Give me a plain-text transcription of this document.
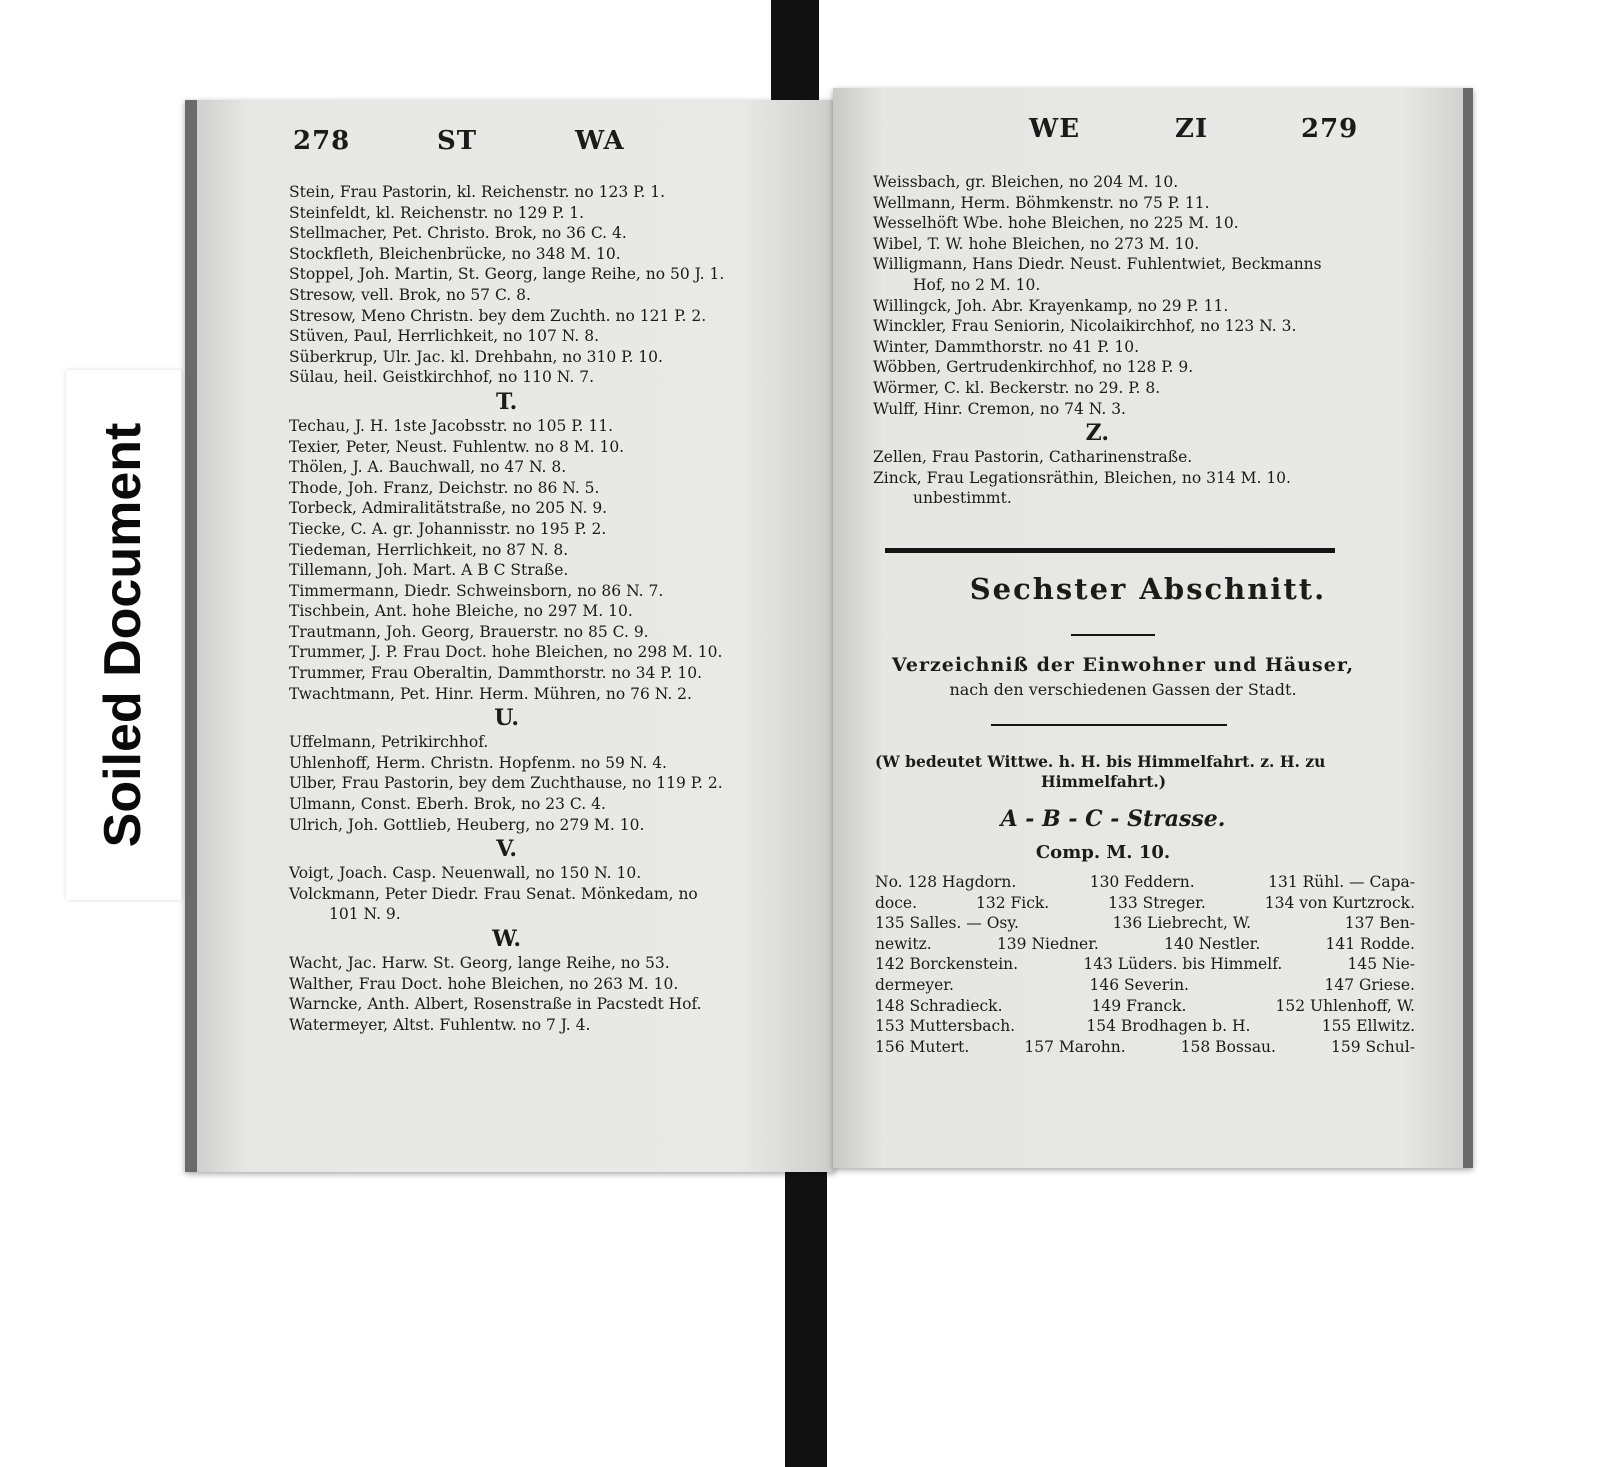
278	ST	WA
Stein, Frau Pastorin, kl. Reichenstr. no 123 P. 1.
Steinfeldt, kl. Reichenstr. no 129 P. 1.
Stellmacher, Pet. Christo. Brok, no 36 C. 4.
Stockfleth, Bleichenbrücke, no 348 M. 10.
Stoppel, Joh. Martin, St. Georg, lange Reihe, no 50 J. 1.
Stresow, vell. Brok, no 57 C. 8.
Stresow, Meno Christn. bey dem Zuchth. no 121 P. 2.
Stüven, Paul, Herrlichkeit, no 107 N. 8.
Süberkrup, Ulr. Jac. kl. Drehbahn, no 310 P. 10.
Sülau, heil. Geistkirchhof, no 110 N. 7.
T.
Techau, J. H. 1ste Jacobsstr. no 105 P. 11.
Texier, Peter, Neust. Fuhlentw. no 8 M. 10.
Thölen, J. A. Bauchwall, no 47 N. 8.
Thode, Joh. Franz, Deichstr. no 86 N. 5.
Torbeck, Admiralitätstraße, no 205 N. 9.
Tiecke, C. A. gr. Johannisstr. no 195 P. 2.
Tiedeman, Herrlichkeit, no 87 N. 8.
Tillemann, Joh. Mart. A B C Straße.
Timmermann, Diedr. Schweinsborn, no 86 N. 7.
Tischbein, Ant. hohe Bleiche, no 297 M. 10.
Trautmann, Joh. Georg, Brauerstr. no 85 C. 9.
Trummer, J. P. Frau Doct. hohe Bleichen, no 298 M. 10.
Trummer, Frau Oberaltin, Dammthorstr. no 34 P. 10.
Twachtmann, Pet. Hinr. Herm. Mühren, no 76 N. 2.
U.
Uffelmann, Petrikirchhof.
Uhlenhoff, Herm. Christn. Hopfenm. no 59 N. 4.
Ulber, Frau Pastorin, bey dem Zuchthause, no 119 P. 2.
Ulmann, Const. Eberh. Brok, no 23 C. 4.
Ulrich, Joh. Gottlieb, Heuberg, no 279 M. 10.
V.
Voigt, Joach. Casp. Neuenwall, no 150 N. 10.
Volckmann, Peter Diedr. Frau Senat. Mönkedam, no
101 N. 9.
W.
Wacht, Jac. Harw. St. Georg, lange Reihe, no 53.
Walther, Frau Doct. hohe Bleichen, no 263 M. 10.
Warncke, Anth. Albert, Rosenstraße in Pacstedt Hof.
Watermeyer, Altst. Fuhlentw. no 7 J. 4.
WE	ZI	279
Weissbach, gr. Bleichen, no 204 M. 10.
Wellmann, Herm. Böhmkenstr. no 75 P. 11.
Wesselhöft Wbe. hohe Bleichen, no 225 M. 10.
Wibel, T. W. hohe Bleichen, no 273 M. 10.
Willigmann, Hans Diedr. Neust. Fuhlentwiet, Beckmanns
Hof, no 2 M. 10.
Willingck, Joh. Abr. Krayenkamp, no 29 P. 11.
Winckler, Frau Seniorin, Nicolaikirchhof, no 123 N. 3.
Winter, Dammthorstr. no 41 P. 10.
Wöbben, Gertrudenkirchhof, no 128 P. 9.
Wörmer, C. kl. Beckerstr. no 29. P. 8.
Wulff, Hinr. Cremon, no 74 N. 3.
Z.
Zellen, Frau Pastorin, Catharinenstraße.
Zinck, Frau Legationsräthin, Bleichen, no 314 M. 10.
unbestimmt.
Sechster Abschnitt.
Verzeichniß der Einwohner und Häuser,
nach den verschiedenen Gassen der Stadt.
(W bedeutet Wittwe. h. H. bis Himmelfahrt. z. H. zu
Himmelfahrt.)
A - B - C - Strasse.
Comp. M. 10.
No. 128 Hagdorn.	130 Feddern.	131 Rühl. — Capa-
doce.	132 Fick.	133 Streger.	134 von Kurtzrock.
135 Salles. — Osy.	136 Liebrecht, W.	137 Ben-
newitz.	139 Niedner.	140 Nestler.	141 Rodde.
142 Borckenstein.	143 Lüders. bis Himmelf.	145 Nie-
dermeyer.	146 Severin.	147 Griese.
148 Schradieck.	149 Franck.	152 Uhlenhoff, W.
153 Muttersbach.	154 Brodhagen b. H.	155 Ellwitz.
156 Mutert.	157 Marohn.	158 Bossau.	159 Schul-
Soiled Document
